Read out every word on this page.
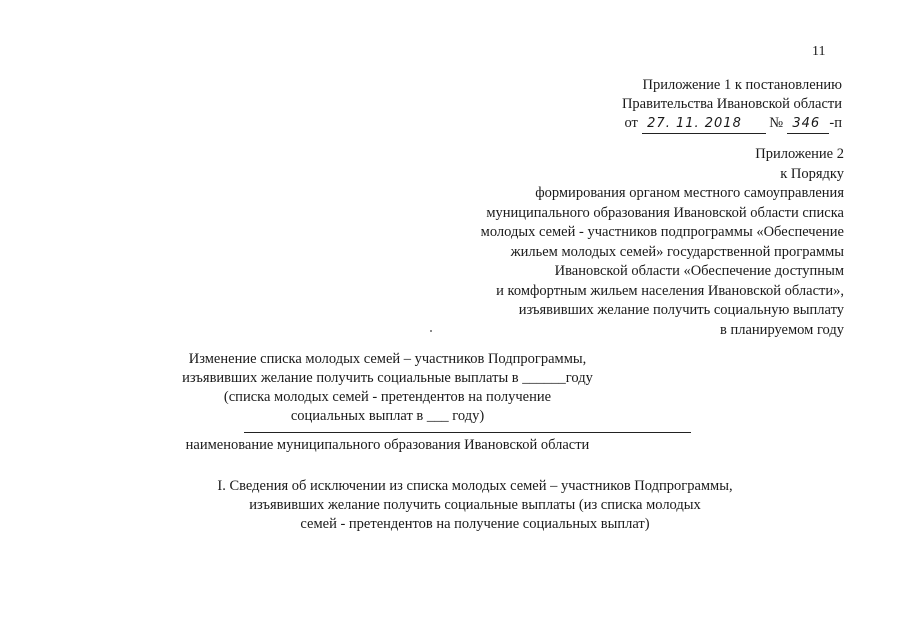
11
Приложение 1 к постановлению
Правительства Ивановской области
от 27. 11. 2018 № 346 -п
Приложение 2
к Порядку
формирования органом местного самоуправления
муниципального образования Ивановской области списка
молодых семей - участников подпрограммы «Обеспечение
жильем молодых семей» государственной программы
Ивановской области «Обеспечение доступным
и комфортным жильем населения Ивановской области»,
изъявивших желание получить социальную выплату
в планируемом году
Изменение списка молодых семей – участников Подпрограммы,
изъявивших желание получить социальные выплаты в ______году
(списка молодых семей - претендентов на получение
социальных выплат в ___ году)
наименование муниципального образования Ивановской области
I. Сведения об исключении из списка молодых семей – участников Подпрограммы,
изъявивших желание получить социальные выплаты (из списка молодых
семей - претендентов на получение социальных выплат)
